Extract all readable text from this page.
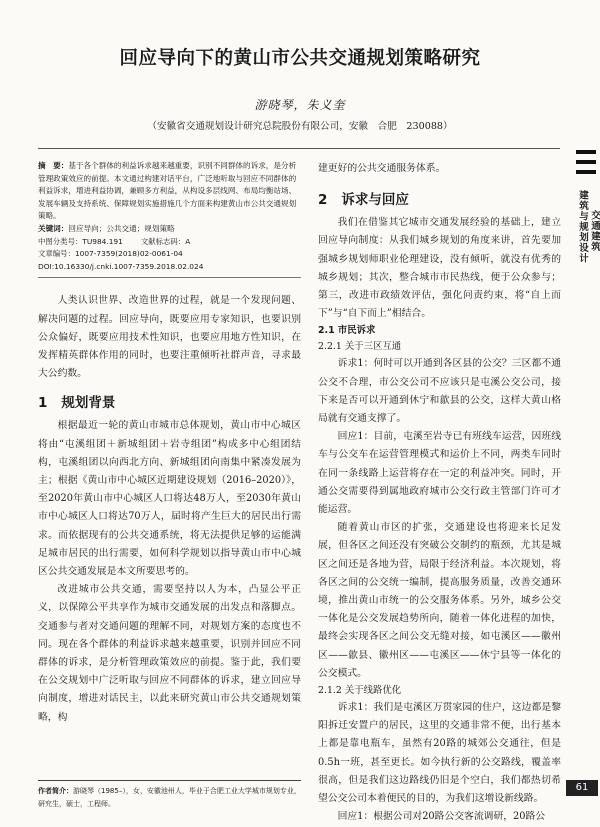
回应导向下的黄山市公共交通规划策略研究
游晓琴，朱义奎
（安徽省交通规划设计研究总院股份有限公司，安徽　合肥　230088）
摘　要：基于各个群体的利益诉求越来越重要，识别不同群体的诉求，是分析管理政策效应的前提。本文通过构建对话平台，广泛地听取与回应不同群体的利益诉求，增进利益协调，兼顾多方利益，从构设多层线网、布局均衡站场、发展车辆及支持系统、保障规划实施措施几个方面来构建黄山市公共交通规划策略。
关键词：回应导向；公共交通；规划策略
中图分类号：TU984.191 文献标志码：A
文章编号：1007-7359(2018)02-0061-04
DOI:10.16330/j.cnki.1007-7359.2018.02.024

人类认识世界、改造世界的过程，就是一个发现问题、解决问题的过程。回应导向，既要应用专家知识，也要识别公众偏好，既要应用技术性知识，也要应用地方性知识，在发挥精英群体作用的同时，也要注重倾听社群声音，寻求最大公约数。

1 规划背景

根据最近一轮的黄山市城市总体规划，黄山市中心城区将由“屯溪组团＋新城组团＋岩寺组团”构成多中心组团结构，屯溪组团以向西北方向、新城组团向南集中紧凑发展为主；根据《黄山市中心城区近期建设规划（2016–2020）》，至2020年黄山市中心城区人口将达48万人，至2030年黄山市中心城区人口将达70万人，届时将产生巨大的居民出行需求。而依据现有的公共交通系统，将无法提供足够的运能满足城市居民的出行需要，如何科学规划以指导黄山市中心城区公共交通发展是本文所要思考的。

改进城市公共交通，需要坚持以人为本，凸显公平正义，以保障公平共享作为城市交通发展的出发点和落脚点。交通参与者对交通问题的理解不同，对规划方案的态度也不同。现在各个群体的利益诉求越来越重要，识别并回应不同群体的诉求，是分析管理政策效应的前提。鉴于此，我们要在公交规划中广泛听取与回应不同群体的诉求，建立回应导向制度，增进对话民主，以此来研究黄山市公共交通规划策略，构

建更好的公共交通服务体系。

2 诉求与回应

我们在借鉴其它城市交通发展经验的基础上，建立回应导向制度：从我们城乡规划的角度来讲，首先要加强城乡规划师职业伦理建设，没有倾听，就没有优秀的城乡规划；其次，整合城市市民热线，便于公众参与；第三，改进市政绩效评估，强化问责约束，将“自上而下”与“自下而上”相结合。

2.1 市民诉求
2.2.1 关于三区互通

诉求1：何时可以开通到各区县的公交？三区都不通公交不合理，市公交公司不应该只是屯溪公交公司，接下来是否可以开通到休宁和歙县的公交，这样大黄山格局就有交通支撑了。

回应1：目前，屯溪至岩寺已有班线车运营，因班线车与公交车在运营管理模式和运价上不同，两类车同时在同一条线路上运营将存在一定的利益冲突。同时，开通公交需要得到属地政府城市公交行政主管部门许可才能运营。

随着黄山市区的扩张，交通建设也将迎来长足发展，但各区之间还没有突破公交制约的瓶颈，尤其是城区之间还是各地为营，局限于经济利益。本次规划，将各区之间的公交统一编制，提高服务质量，改善交通环境，推出黄山市统一的公交服务体系。另外，城乡公交一体化是公交发展趋势所向，随着一体化进程的加快，最终会实现各区之间公交无缝对接，如屯溪区——徽州区——歙县、徽州区——屯溪区——休宁县等一体化的公交模式。

2.1.2 关于线路优化

诉求1：我们是屯溪区万贯家园的住户，这边都是黎阳拆迁安置户的居民，这里的交通非常不便，出行基本上都是靠电瓶车，虽然有20路的城郊公交通往，但是0.5h一班，甚至更长。如今执行新的公交路线，覆盖率很高，但是我们这边路线仍旧是个空白，我们都热切希望公交公司本着便民的目的，为我们这增设新线路。

回应1：根据公司对20路公交客流调研，20路公

作者简介：游晓琴（1985–），女，安徽池州人，毕业于合肥工业大学城市规划专业，研究生，硕士，工程师。
建筑与规划设计 交通建筑
61
